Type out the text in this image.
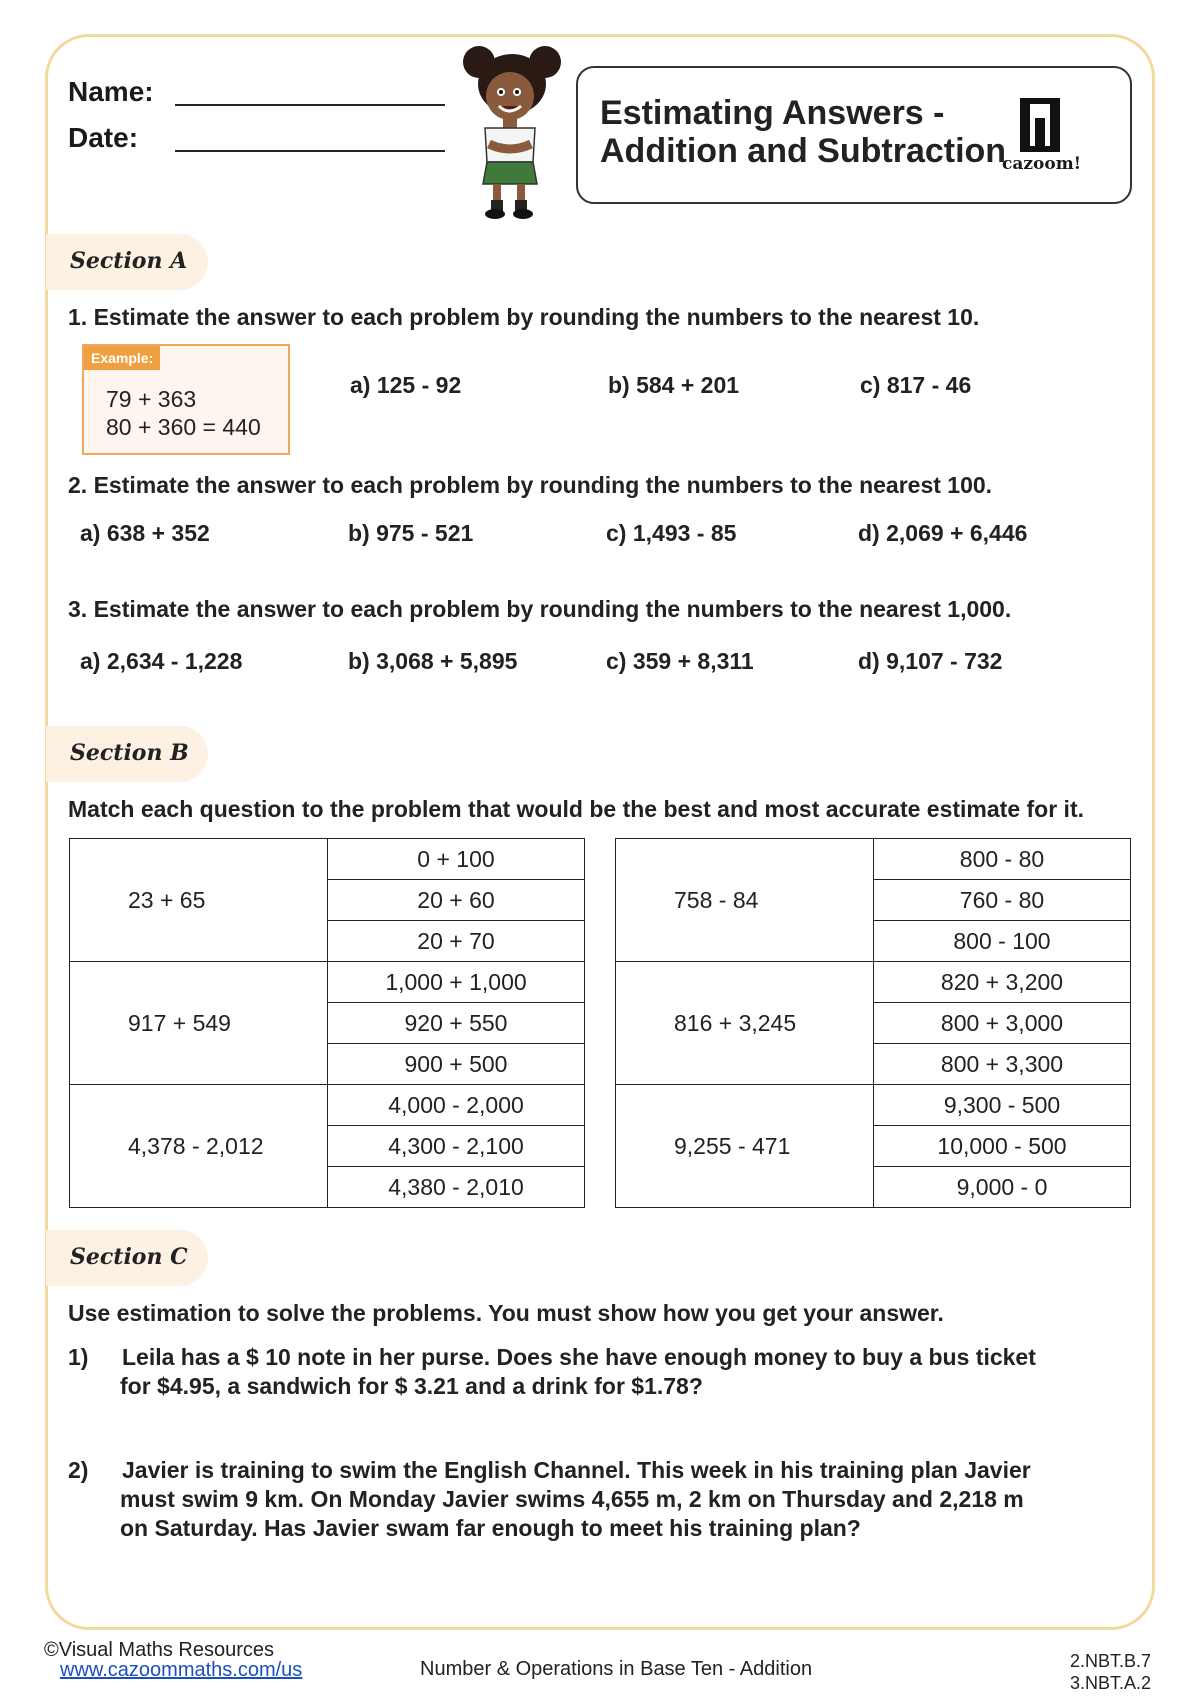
Name:
Date:
Estimating Answers -
Addition and Subtraction
cazoom!
Section A
1. Estimate the answer to each problem by rounding the numbers to the nearest 10.
Example:
79 + 363
80 + 360 = 440
a) 125 - 92	b) 584 + 201	c) 817 - 46
2. Estimate the answer to each problem by rounding the numbers to the nearest 100.
a) 638 + 352	b) 975 - 521	c) 1,493 - 85	d) 2,069 + 6,446
3. Estimate the answer to each problem by rounding the numbers to the nearest 1,000.
a) 2,634 - 1,228	b) 3,068 + 5,895	c) 359 + 8,311	d) 9,107 - 732
Section B
Match each question to the problem that would be the best and most accurate estimate for it.
23 + 65	0 + 100
	20 + 60
	20 + 70
917 + 549	1,000 + 1,000
	920 + 550
	900 + 500
4,378 - 2,012	4,000 - 2,000
	4,300 - 2,100
	4,380 - 2,010
758 - 84	800 - 80
	760 - 80
	800 - 100
816 + 3,245	820 + 3,200
	800 + 3,000
	800 + 3,300
9,255 - 471	9,300 - 500
	10,000 - 500
	9,000 - 0
Section C
Use estimation to solve the problems. You must show how you get your answer.
1) Leila has a $ 10 note in her purse. Does she have enough money to buy a bus ticket
for $4.95, a sandwich for $ 3.21 and a drink for $1.78?
2) Javier is training to swim the English Channel. This week in his training plan Javier
must swim 9 km. On Monday Javier swims 4,655 m, 2 km on Thursday and 2,218 m
on Saturday. Has Javier swam far enough to meet his training plan?
©Visual Maths Resources
www.cazoommaths.com/us	Number & Operations in Base Ten - Addition	2.NBT.B.7
3.NBT.A.2
